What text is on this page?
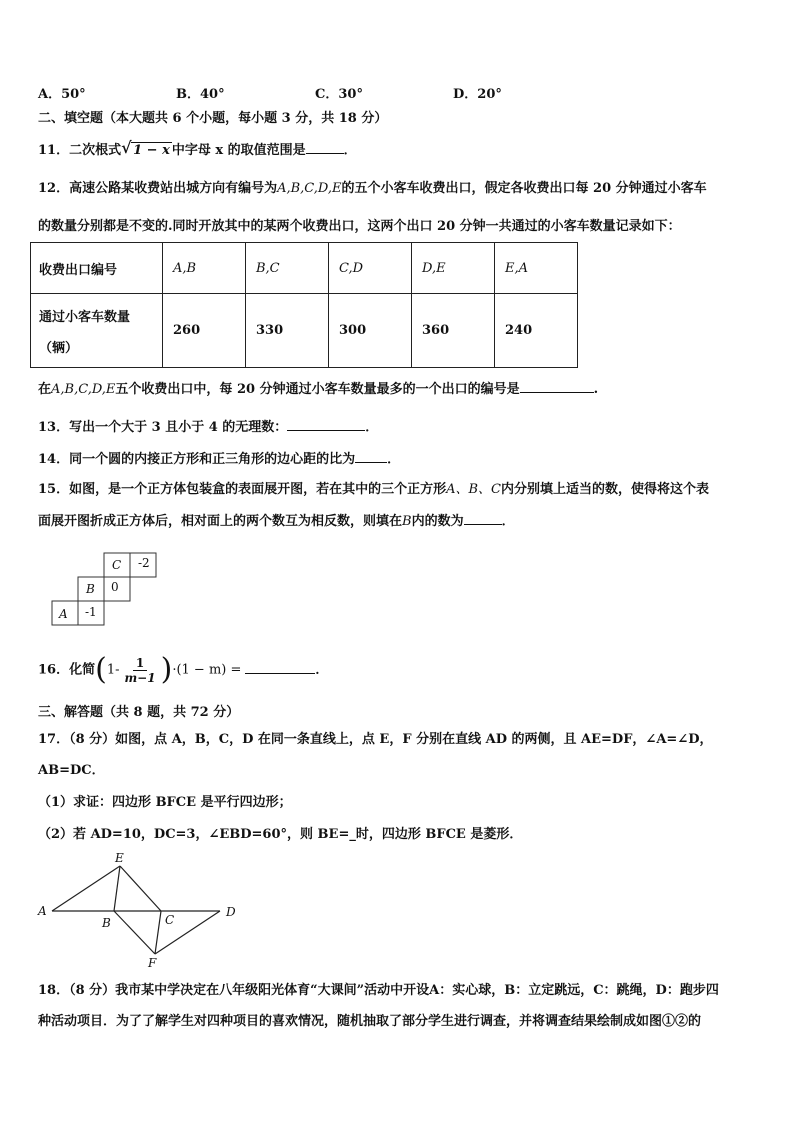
A．50°	B．40°	C．30°	D．20°
二、填空题（本大题共 6 个小题，每小题 3 分，共 18 分）
11．二次根式 √ 1 − x 中字母 x 的取值范围是	．
12．高速公路某收费站出城方向有编号为A,B,C,D,E的五个小客车收费出口，假定各收费出口每 20 分钟通过小客车
的数量分别都是不变的.同时开放其中的某两个收费出口，这两个出口 20 分钟一共通过的小客车数量记录如下：
收费出口编号	A,B	B,C	C,D	D,E	E,A

通过小客车数量
（辆）	260	330	300	360	240
在A,B,C,D,E五个收费出口中，每 20 分钟通过小客车数量最多的一个出口的编号是	.
13．写出一个大于 3 且小于 4 的无理数：	．
14．同一个圆的内接正方形和正三角形的边心距的比为 ．
15．如图，是一个正方体包装盒的表面展开图，若在其中的三个正方形A、B、C内分别填上适当的数，使得将这个表
面展开图折成正方体后，相对面上的两个数互为相反数，则填在B内的数为	．
C -2
B 0
A -1
16．化简$(1- \frac{1}{m-1} )\cdot(1 - m)$ =	．
三、解答题（共 8 题，共 72 分）
17．（8 分）如图，点 A，B，C，D 在同一条直线上，点 E，F 分别在直线 AD 的两侧，且 AE=DF，∠A=∠D，
AB=DC．
（1）求证：四边形 BFCE 是平行四边形；
（2）若 AD=10，DC=3，∠EBD=60°，则 BE=_时，四边形 BFCE 是菱形．
A
B	C
D
E
F
18．（8 分）我市某中学决定在八年级阳光体育“大课间”活动中开设A：实心球，B：立定跳远，C：跳绳，D：跑步四
种活动项目．为了了解学生对四种项目的喜欢情况，随机抽取了部分学生进行调查，并将调查结果绘制成如图①②的
